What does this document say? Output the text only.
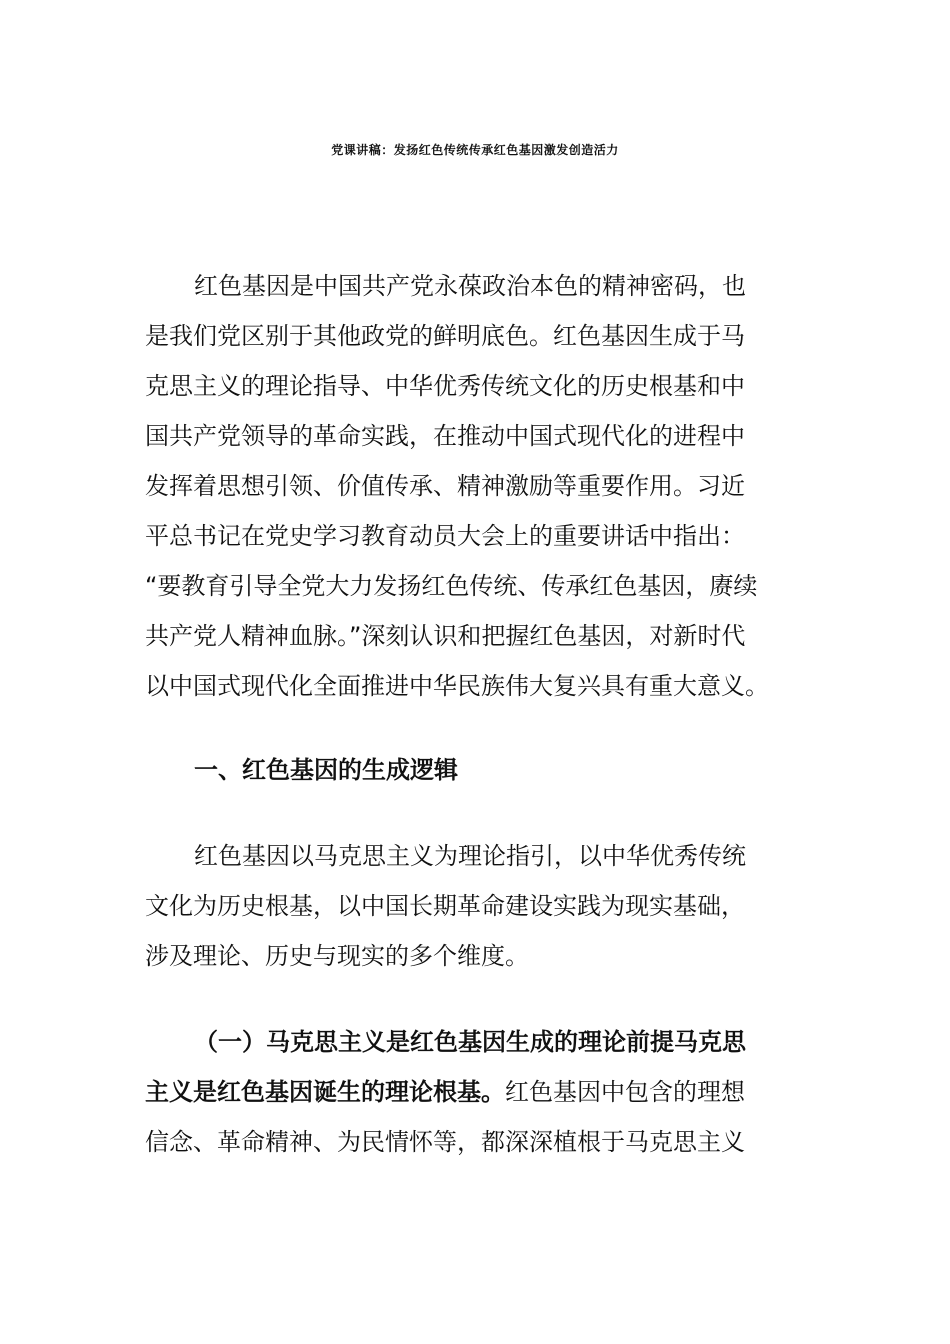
党课讲稿：发扬红色传统传承红色基因激发创造活力
红色基因是中国共产党永葆政治本色的精神密码，也
是我们党区别于其他政党的鲜明底色。红色基因生成于马
克思主义的理论指导、中华优秀传统文化的历史根基和中
国共产党领导的革命实践，在推动中国式现代化的进程中
发挥着思想引领、价值传承、精神激励等重要作用。习近
平总书记在党史学习教育动员大会上的重要讲话中指出：
“要教育引导全党大力发扬红色传统、传承红色基因，赓续
共产党人精神血脉。”深刻认识和把握红色基因，对新时代
以中国式现代化全面推进中华民族伟大复兴具有重大意义。
一、红色基因的生成逻辑
红色基因以马克思主义为理论指引，以中华优秀传统
文化为历史根基，以中国长期革命建设实践为现实基础，
涉及理论、历史与现实的多个维度。
（一）马克思主义是红色基因生成的理论前提马克思
主义是红色基因诞生的理论根基。红色基因中包含的理想
信念、革命精神、为民情怀等，都深深植根于马克思主义
